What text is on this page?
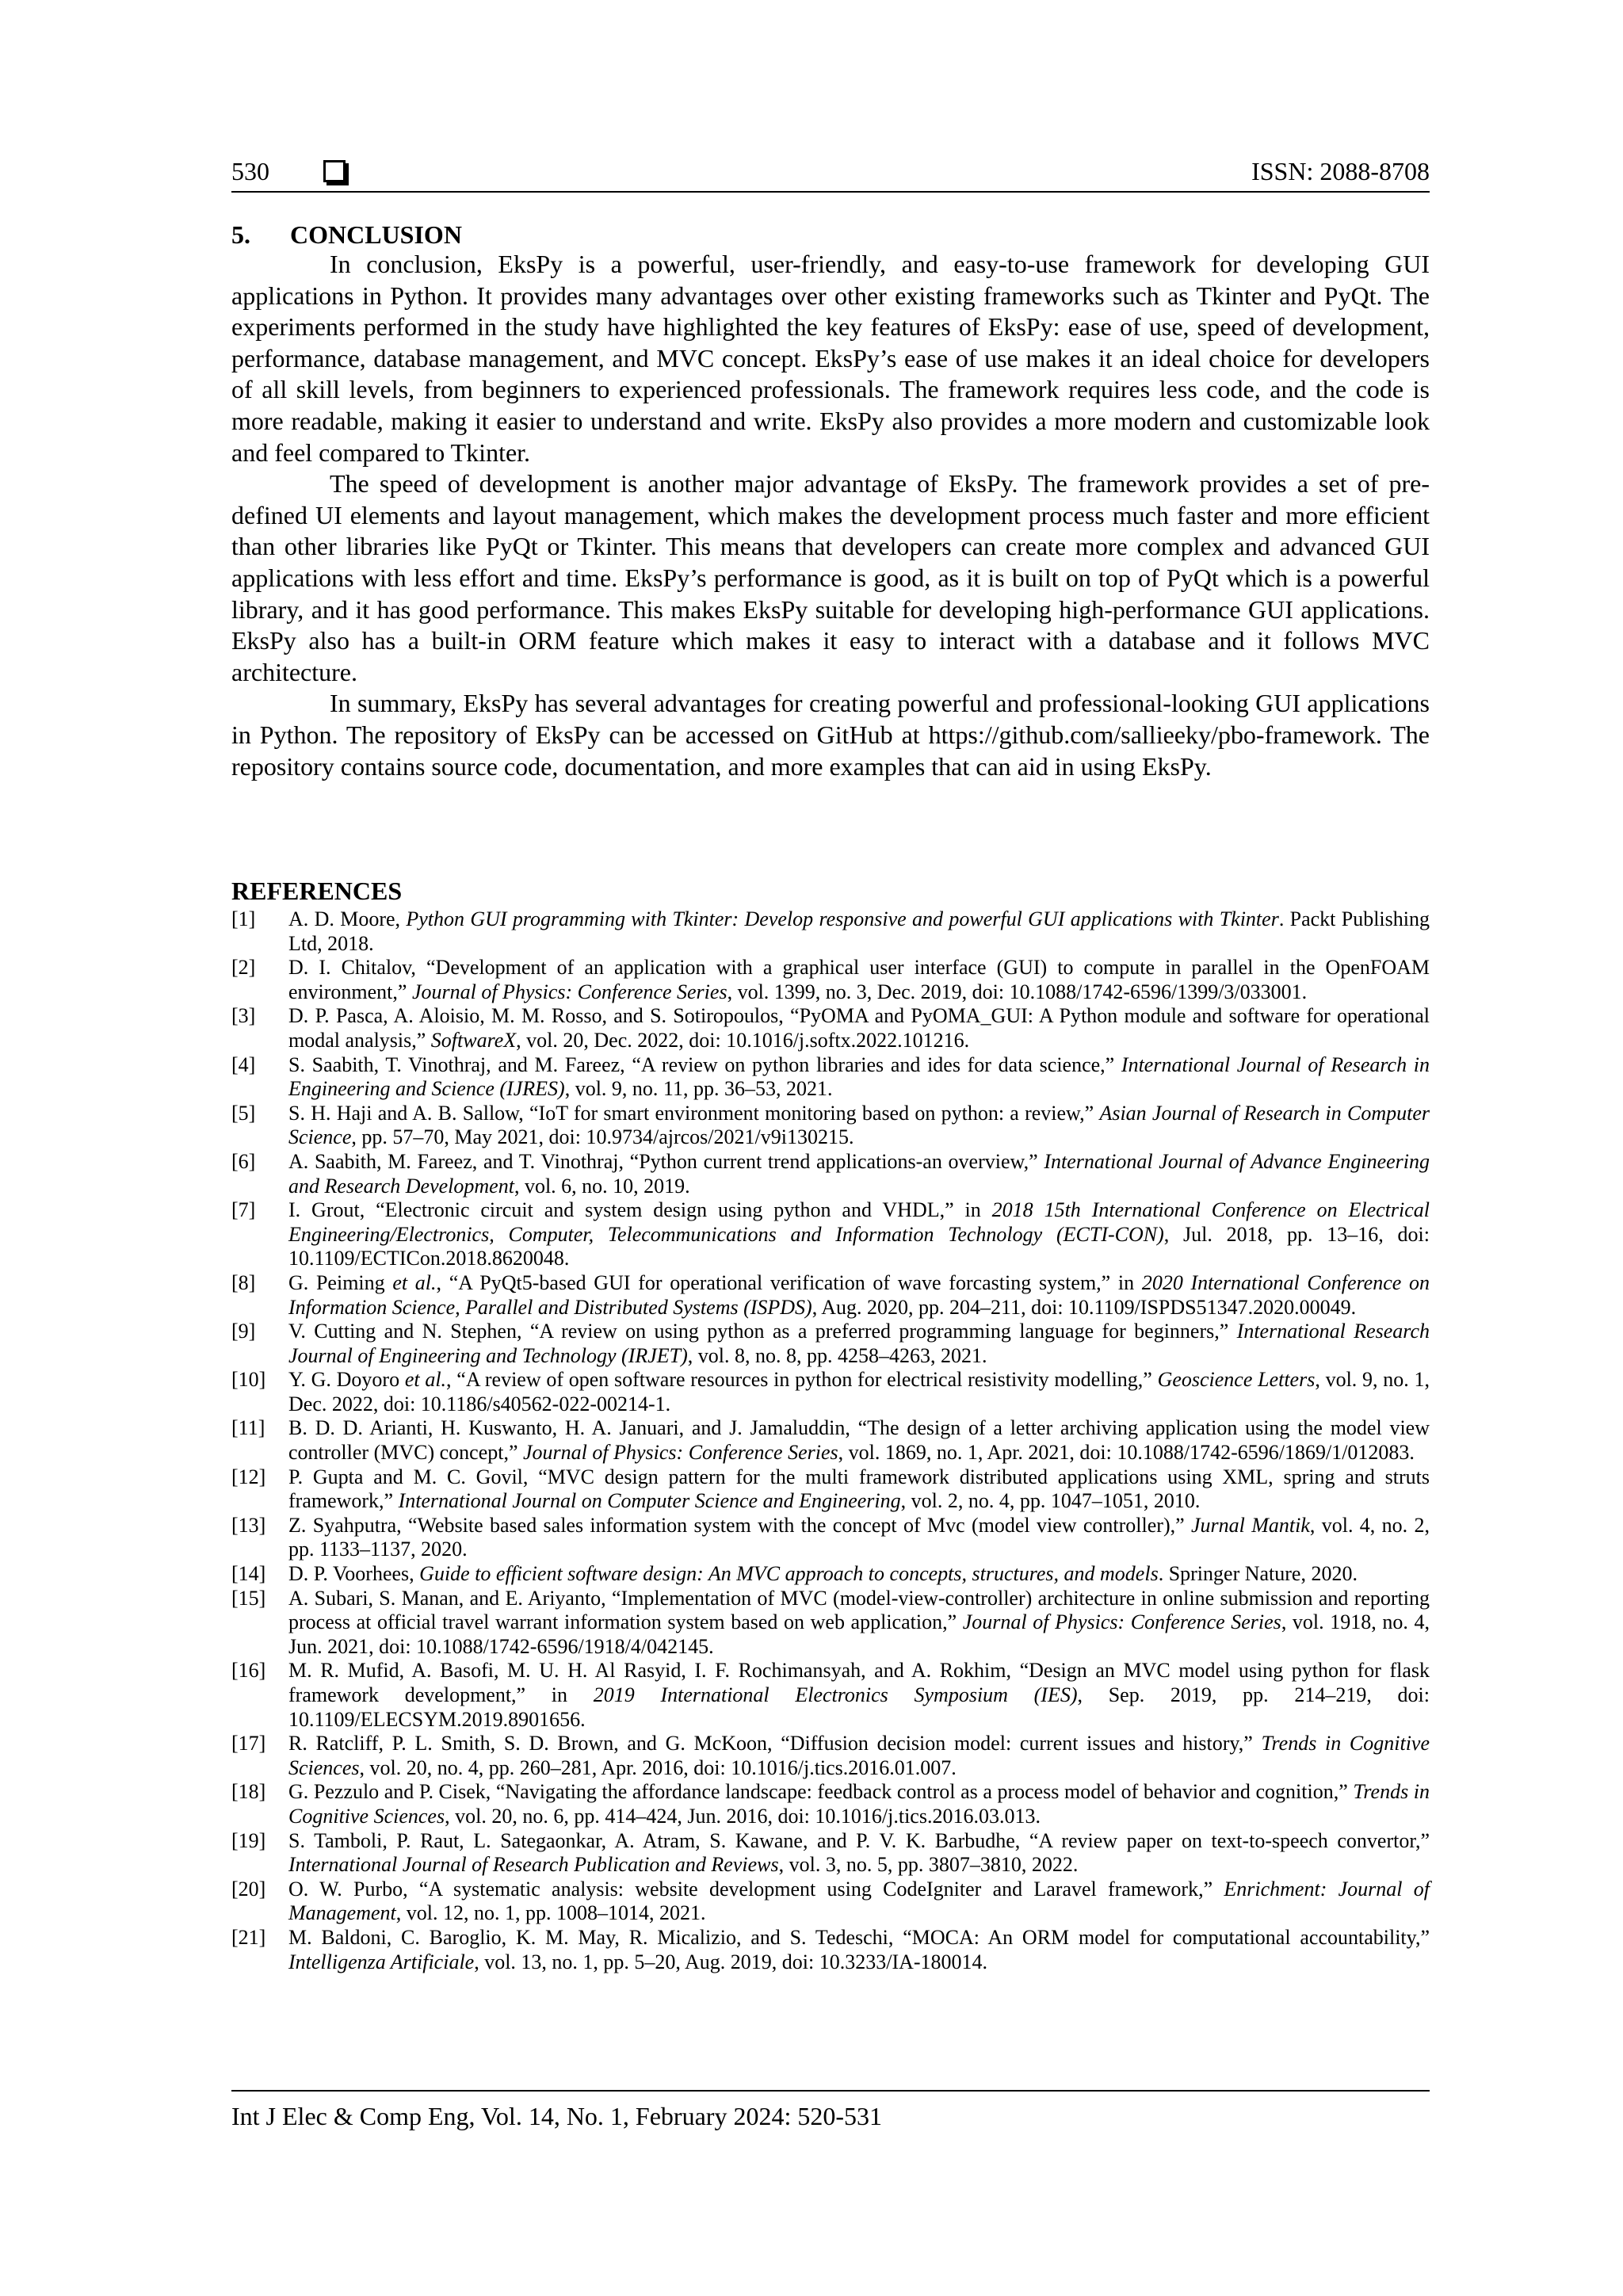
530	ISSN: 2088-8708
5. CONCLUSION

In conclusion, EksPy is a powerful, user-friendly, and easy-to-use framework for developing GUI applications in Python. It provides many advantages over other existing frameworks such as Tkinter and PyQt. The experiments performed in the study have highlighted the key features of EksPy: ease of use, speed of development, performance, database management, and MVC concept. EksPy’s ease of use makes it an ideal choice for developers of all skill levels, from beginners to experienced professionals. The framework requires less code, and the code is more readable, making it easier to understand and write. EksPy also provides a more modern and customizable look and feel compared to Tkinter.

The speed of development is another major advantage of EksPy. The framework provides a set of pre-defined UI elements and layout management, which makes the development process much faster and more efficient than other libraries like PyQt or Tkinter. This means that developers can create more complex and advanced GUI applications with less effort and time. EksPy’s performance is good, as it is built on top of PyQt which is a powerful library, and it has good performance. This makes EksPy suitable for developing high-performance GUI applications. EksPy also has a built-in ORM feature which makes it easy to interact with a database and it follows MVC architecture.

In summary, EksPy has several advantages for creating powerful and professional-looking GUI applications in Python. The repository of EksPy can be accessed on GitHub at https://github.com/sallieeky/pbo-framework. The repository contains source code, documentation, and more examples that can aid in using EksPy.

REFERENCES
[1] A. D. Moore, Python GUI programming with Tkinter: Develop responsive and powerful GUI applications with Tkinter. Packt Publishing Ltd, 2018.
[2] D. I. Chitalov, “Development of an application with a graphical user interface (GUI) to compute in parallel in the OpenFOAM environment,” Journal of Physics: Conference Series, vol. 1399, no. 3, Dec. 2019, doi: 10.1088/1742-6596/1399/3/033001.
[3] D. P. Pasca, A. Aloisio, M. M. Rosso, and S. Sotiropoulos, “PyOMA and PyOMA_GUI: A Python module and software for operational modal analysis,” SoftwareX, vol. 20, Dec. 2022, doi: 10.1016/j.softx.2022.101216.
[4] S. Saabith, T. Vinothraj, and M. Fareez, “A review on python libraries and ides for data science,” International Journal of Research in Engineering and Science (IJRES), vol. 9, no. 11, pp. 36–53, 2021.
[5] S. H. Haji and A. B. Sallow, “IoT for smart environment monitoring based on python: a review,” Asian Journal of Research in Computer Science, pp. 57–70, May 2021, doi: 10.9734/ajrcos/2021/v9i130215.
[6] A. Saabith, M. Fareez, and T. Vinothraj, “Python current trend applications-an overview,” International Journal of Advance Engineering and Research Development, vol. 6, no. 10, 2019.
[7] I. Grout, “Electronic circuit and system design using python and VHDL,” in 2018 15th International Conference on Electrical Engineering/Electronics, Computer, Telecommunications and Information Technology (ECTI-CON), Jul. 2018, pp. 13–16, doi: 10.1109/ECTICon.2018.8620048.
[8] G. Peiming et al., “A PyQt5-based GUI for operational verification of wave forcasting system,” in 2020 International Conference on Information Science, Parallel and Distributed Systems (ISPDS), Aug. 2020, pp. 204–211, doi: 10.1109/ISPDS51347.2020.00049.
[9] V. Cutting and N. Stephen, “A review on using python as a preferred programming language for beginners,” International Research Journal of Engineering and Technology (IRJET), vol. 8, no. 8, pp. 4258–4263, 2021.
[10] Y. G. Doyoro et al., “A review of open software resources in python for electrical resistivity modelling,” Geoscience Letters, vol. 9, no. 1, Dec. 2022, doi: 10.1186/s40562-022-00214-1.
[11] B. D. D. Arianti, H. Kuswanto, H. A. Januari, and J. Jamaluddin, “The design of a letter archiving application using the model view controller (MVC) concept,” Journal of Physics: Conference Series, vol. 1869, no. 1, Apr. 2021, doi: 10.1088/1742-6596/1869/1/012083.
[12] P. Gupta and M. C. Govil, “MVC design pattern for the multi framework distributed applications using XML, spring and struts framework,” International Journal on Computer Science and Engineering, vol. 2, no. 4, pp. 1047–1051, 2010.
[13] Z. Syahputra, “Website based sales information system with the concept of Mvc (model view controller),” Jurnal Mantik, vol. 4, no. 2, pp. 1133–1137, 2020.
[14] D. P. Voorhees, Guide to efficient software design: An MVC approach to concepts, structures, and models. Springer Nature, 2020.
[15] A. Subari, S. Manan, and E. Ariyanto, “Implementation of MVC (model-view-controller) architecture in online submission and reporting process at official travel warrant information system based on web application,” Journal of Physics: Conference Series, vol. 1918, no. 4, Jun. 2021, doi: 10.1088/1742-6596/1918/4/042145.
[16] M. R. Mufid, A. Basofi, M. U. H. Al Rasyid, I. F. Rochimansyah, and A. Rokhim, “Design an MVC model using python for flask framework development,” in 2019 International Electronics Symposium (IES), Sep. 2019, pp. 214–219, doi: 10.1109/ELECSYM.2019.8901656.
[17] R. Ratcliff, P. L. Smith, S. D. Brown, and G. McKoon, “Diffusion decision model: current issues and history,” Trends in Cognitive Sciences, vol. 20, no. 4, pp. 260–281, Apr. 2016, doi: 10.1016/j.tics.2016.01.007.
[18] G. Pezzulo and P. Cisek, “Navigating the affordance landscape: feedback control as a process model of behavior and cognition,” Trends in Cognitive Sciences, vol. 20, no. 6, pp. 414–424, Jun. 2016, doi: 10.1016/j.tics.2016.03.013.
[19] S. Tamboli, P. Raut, L. Sategaonkar, A. Atram, S. Kawane, and P. V. K. Barbudhe, “A review paper on text-to-speech convertor,” International Journal of Research Publication and Reviews, vol. 3, no. 5, pp. 3807–3810, 2022.
[20] O. W. Purbo, “A systematic analysis: website development using CodeIgniter and Laravel framework,” Enrichment: Journal of Management, vol. 12, no. 1, pp. 1008–1014, 2021.
[21] M. Baldoni, C. Baroglio, K. M. May, R. Micalizio, and S. Tedeschi, “MOCA: An ORM model for computational accountability,” Intelligenza Artificiale, vol. 13, no. 1, pp. 5–20, Aug. 2019, doi: 10.3233/IA-180014.
Int J Elec & Comp Eng, Vol. 14, No. 1, February 2024: 520-531
